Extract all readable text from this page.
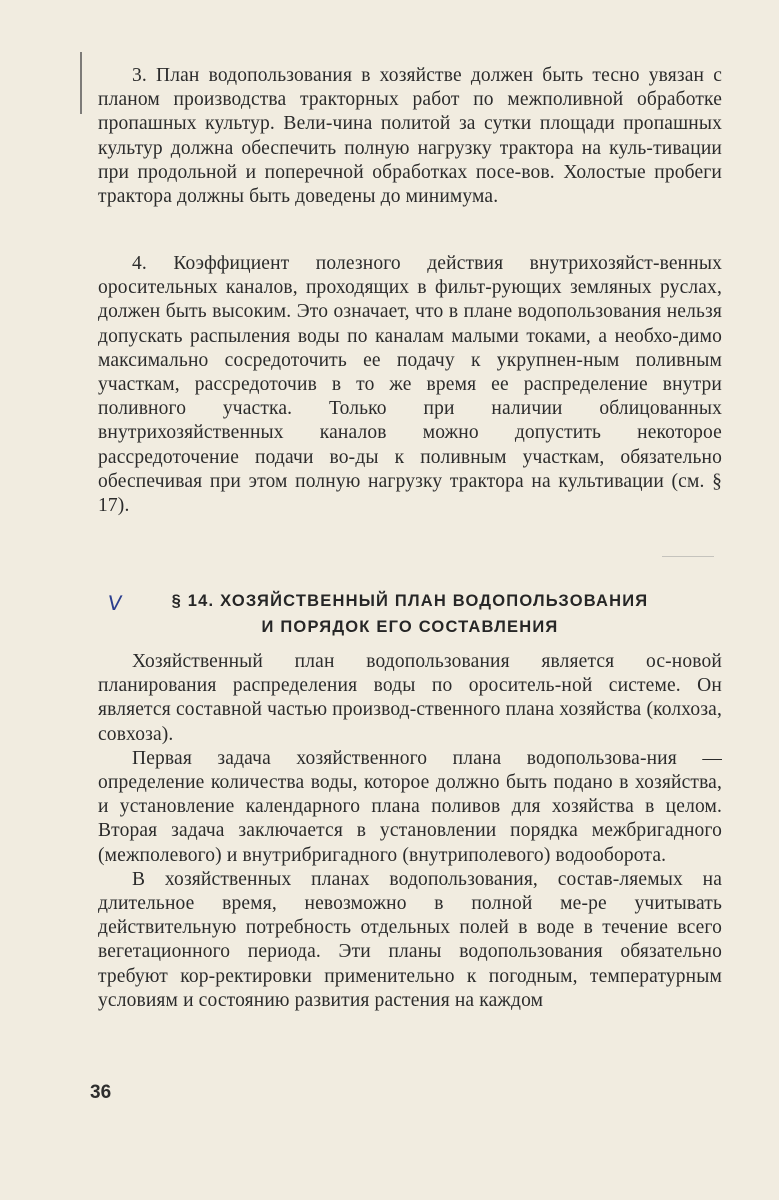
3. План водопользования в хозяйстве должен быть тесно увязан с планом производства тракторных работ по межполивной обработке пропашных культур. Вели-чина политой за сутки площади пропашных культур должна обеспечить полную нагрузку трактора на куль-тивации при продольной и поперечной обработках посе-вов. Холостые пробеги трактора должны быть доведены до минимума.

4. Коэффициент полезного действия внутрихозяйст-венных оросительных каналов, проходящих в фильт-рующих земляных руслах, должен быть высоким. Это означает, что в плане водопользования нельзя допускать распыления воды по каналам малыми токами, а необхо-димо максимально сосредоточить ее подачу к укрупнен-ным поливным участкам, рассредоточив в то же время ее распределение внутри поливного участка. Только при наличии облицованных внутрихозяйственных каналов можно допустить некоторое рассредоточение подачи во-ды к поливным участкам, обязательно обеспечивая при этом полную нагрузку трактора на культивации (см. § 17).

V	§ 14. ХОЗЯЙСТВЕННЫЙ ПЛАН ВОДОПОЛЬЗОВАНИЯ

И ПОРЯДОК ЕГО СОСТАВЛЕНИЯ

Хозяйственный план водопользования является ос-новой планирования распределения воды по ороситель-ной системе. Он является составной частью производ-ственного плана хозяйства (колхоза, совхоза).

Первая задача хозяйственного плана водопользова-ния — определение количества воды, которое должно быть подано в хозяйства, и установление календарного плана поливов для хозяйства в целом. Вторая задача заключается в установлении порядка межбригадного (межполевого) и внутрибригадного (внутриполевого) водооборота.

В хозяйственных планах водопользования, состав-ляемых на длительное время, невозможно в полной ме-ре учитывать действительную потребность отдельных полей в воде в течение всего вегетационного периода. Эти планы водопользования обязательно требуют кор-ректировки применительно к погодным, температурным условиям и состоянию развития растения на каждом

36
